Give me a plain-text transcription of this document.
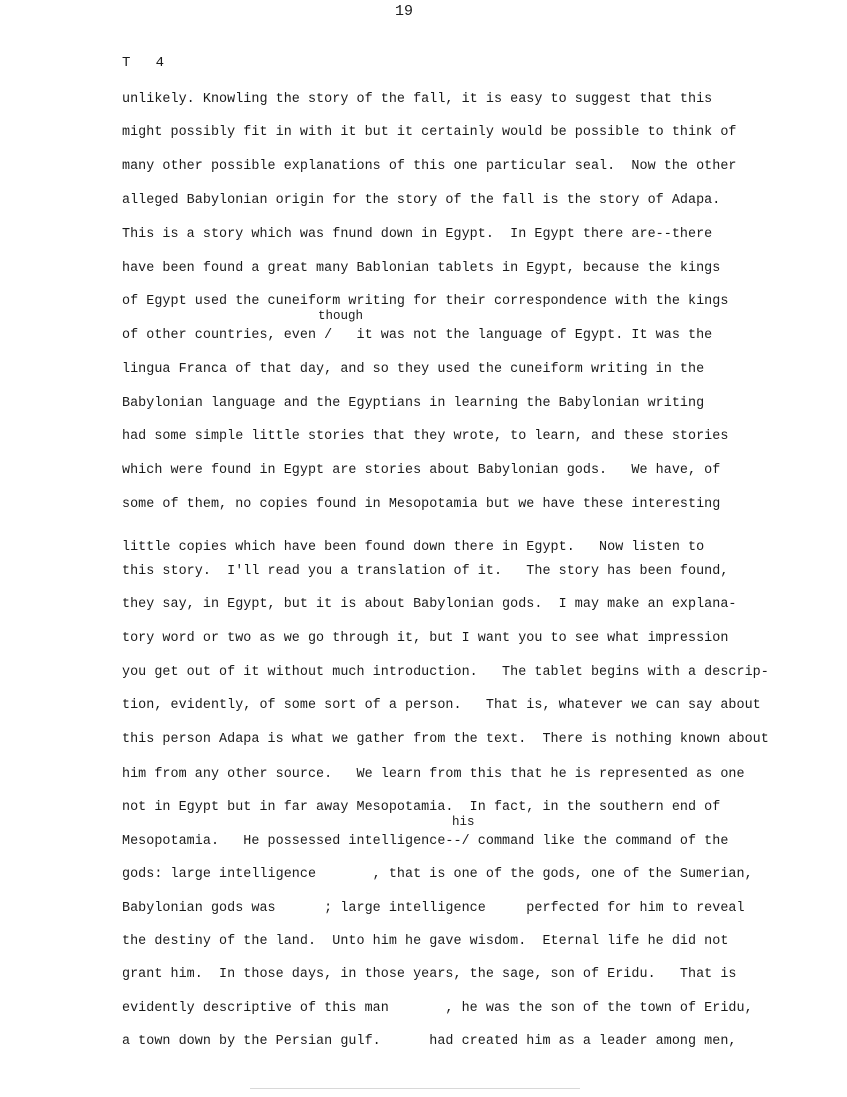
19
T   4
though
his
unlikely. Knowling the story of the fall, it is easy to suggest that this
might possibly fit in with it but it certainly would be possible to think of
many other possible explanations of this one particular seal.  Now the other
alleged Babylonian origin for the story of the fall is the story of Adapa.
This is a story which was fnund down in Egypt.  In Egypt there are--there
have been found a great many Bablonian tablets in Egypt, because the kings
of Egypt used the cuneiform writing for their correspondence with the kings
of other countries, even /   it was not the language of Egypt. It was the
lingua Franca of that day, and so they used the cuneiform writing in the
Babylonian language and the Egyptians in learning the Babylonian writing
had some simple little stories that they wrote, to learn, and these stories
which were found in Egypt are stories about Babylonian gods.   We have, of
some of them, no copies found in Mesopotamia but we have these interesting
little copies which have been found down there in Egypt.   Now listen to
this story.  I'll read you a translation of it.   The story has been found,
they say, in Egypt, but it is about Babylonian gods.  I may make an explana-
tory word or two as we go through it, but I want you to see what impression
you get out of it without much introduction.   The tablet begins with a descrip-
tion, evidently, of some sort of a person.   That is, whatever we can say about
this person Adapa is what we gather from the text.  There is nothing known about
him from any other source.   We learn from this that he is represented as one
not in Egypt but in far away Mesopotamia.  In fact, in the southern end of
Mesopotamia.   He possessed intelligence--/ command like the command of the
gods: large intelligence       , that is one of the gods, one of the Sumerian,
Babylonian gods was      ; large intelligence     perfected for him to reveal
the destiny of the land.  Unto him he gave wisdom.  Eternal life he did not
grant him.  In those days, in those years, the sage, son of Eridu.   That is
evidently descriptive of this man       , he was the son of the town of Eridu,
a town down by the Persian gulf.      had created him as a leader among men,
